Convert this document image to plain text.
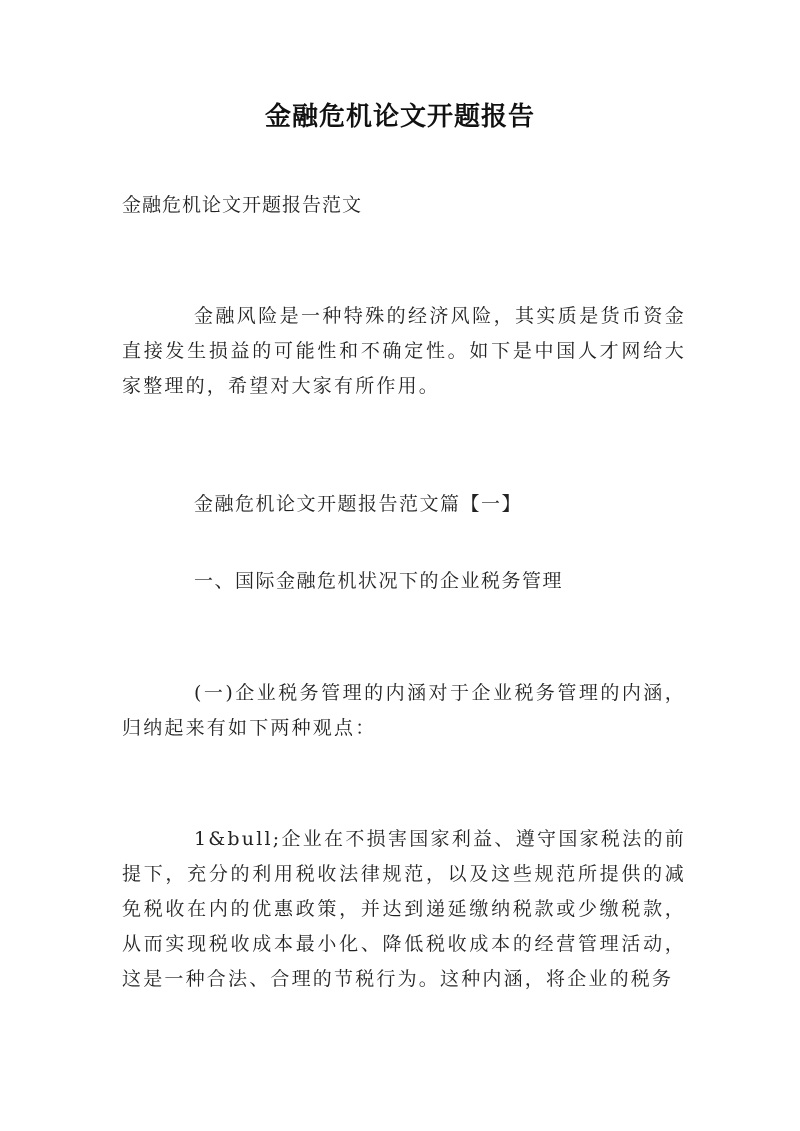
金融危机论文开题报告
金融危机论文开题报告范文

金融风险是一种特殊的经济风险，其实质是货币资金直接发生损益的可能性和不确定性。如下是中国人才网给大家整理的，希望对大家有所作用。

金融危机论文开题报告范文篇【一】
一、国际金融危机状况下的企业税务管理

(一)企业税务管理的内涵对于企业税务管理的内涵，归纳起来有如下两种观点：

1&bull;企业在不损害国家利益、遵守国家税法的前提下，充分的利用税收法律规范，以及这些规范所提供的减免税收在内的优惠政策，并达到递延缴纳税款或少缴税款，从而实现税收成本最小化、降低税收成本的经营管理活动，这是一种合法、合理的节税行为。这种内涵，将企业的税务
